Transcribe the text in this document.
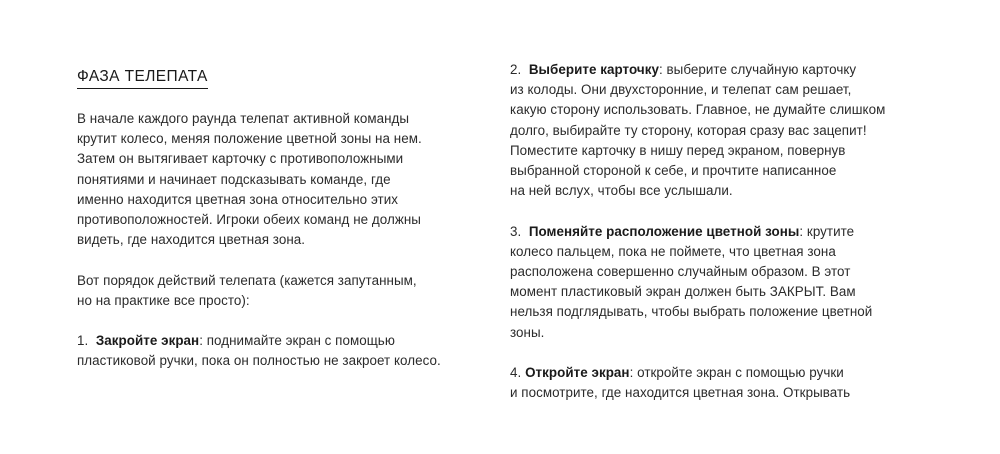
ФАЗА ТЕЛЕПАТА
В начале каждого раунда телепат активной команды
крутит колесо, меняя положение цветной зоны на нем.
Затем он вытягивает карточку с противоположными
понятиями и начинает подсказывать команде, где
именно находится цветная зона относительно этих
противоположностей. Игроки обеих команд не должны
видеть, где находится цветная зона.
Вот порядок действий телепата (кажется запутанным,
но на практике все просто):
1. Закройте экран: поднимайте экран с помощью
пластиковой ручки, пока он полностью не закроет колесо.
2. Выберите карточку: выберите случайную карточку
из колоды. Они двухсторонние, и телепат сам решает,
какую сторону использовать. Главное, не думайте слишком
долго, выбирайте ту сторону, которая сразу вас зацепит!
Поместите карточку в нишу перед экраном, повернув
выбранной стороной к себе, и прочтите написанное
на ней вслух, чтобы все услышали.
3. Поменяйте расположение цветной зоны: крутите
колесо пальцем, пока не поймете, что цветная зона
расположена совершенно случайным образом. В этот
момент пластиковый экран должен быть ЗАКРЫТ. Вам
нельзя подглядывать, чтобы выбрать положение цветной
зоны.
4. Откройте экран: откройте экран с помощью ручки
и посмотрите, где находится цветная зона. Открывать
